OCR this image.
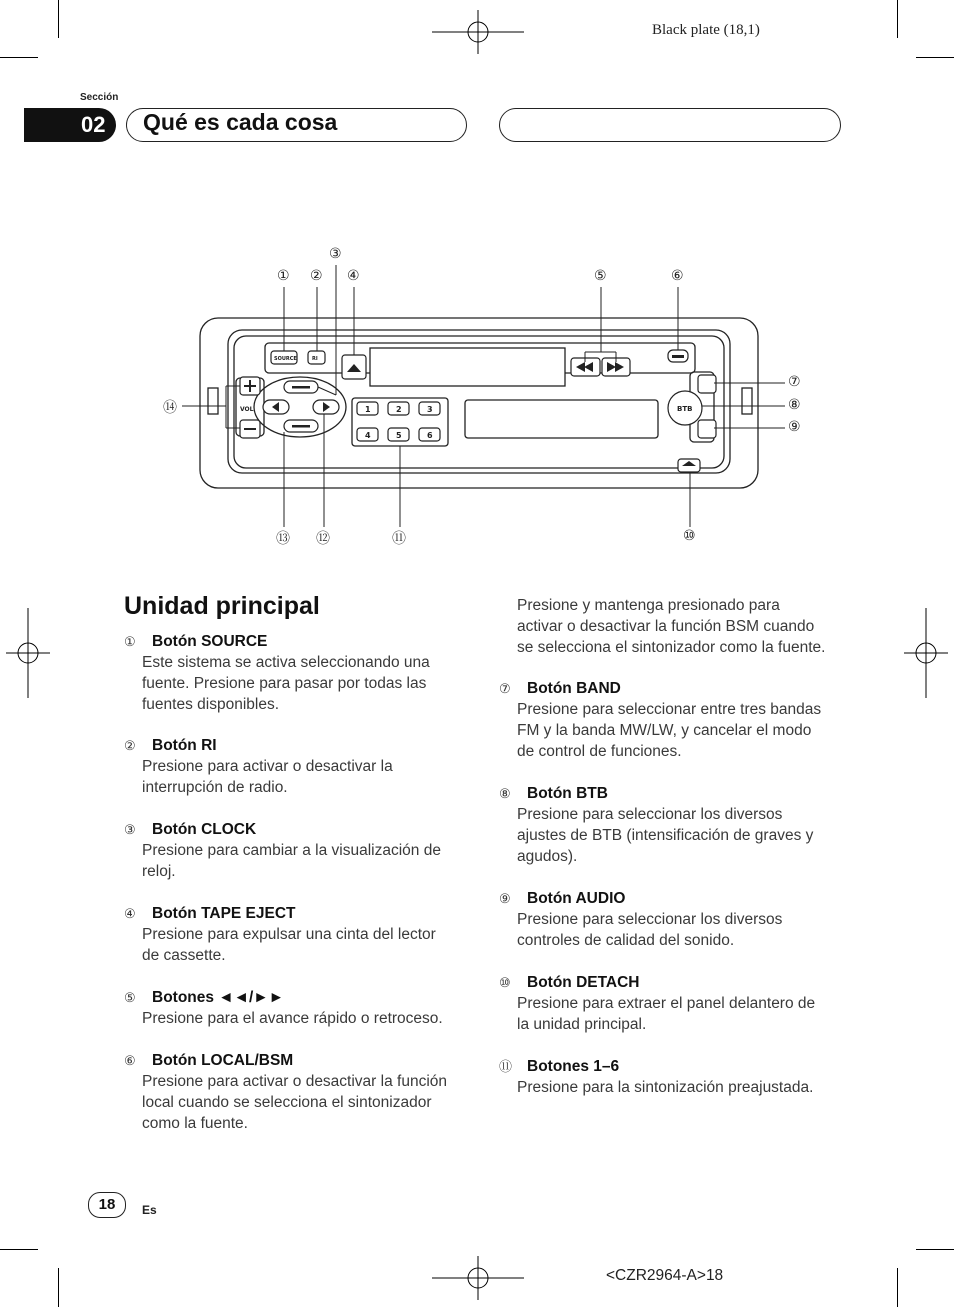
Black plate (18,1)
Sección
02	Qué es cada cosa
1	2	3
4	5	6
SOURCE	RI
VOL	BTB
① ②
③
④	⑤	⑥
⑦
⑧
⑨
⑩
⑪
⑫
⑬
⑭
Unidad principal
① Botón SOURCE
Este sistema se activa seleccionando una fuente. Presione para pasar por todas las fuentes disponibles.
② Botón RI
Presione para activar o desactivar la interrupción de radio.
③ Botón CLOCK
Presione para cambiar a la visualización de reloj.
④ Botón TAPE EJECT
Presione para expulsar una cinta del lector de cassette.
⑤ Botones ◄◄/►►
Presione para el avance rápido o retroceso.
⑥ Botón LOCAL/BSM
Presione para activar o desactivar la función local cuando se selecciona el sintonizador como la fuente.
Presione y mantenga presionado para activar o desactivar la función BSM cuando se selecciona el sintonizador como la fuente.
⑦ Botón BAND
Presione para seleccionar entre tres bandas FM y la banda MW/LW, y cancelar el modo de control de funciones.
⑧ Botón BTB
Presione para seleccionar los diversos ajustes de BTB (intensificación de graves y agudos).
⑨ Botón AUDIO
Presione para seleccionar los diversos controles de calidad del sonido.
⑩ Botón DETACH
Presione para extraer el panel delantero de la unidad principal.
⑪ Botones 1–6
Presione para la sintonización preajustada.
18	Es
<CZR2964-A>18
